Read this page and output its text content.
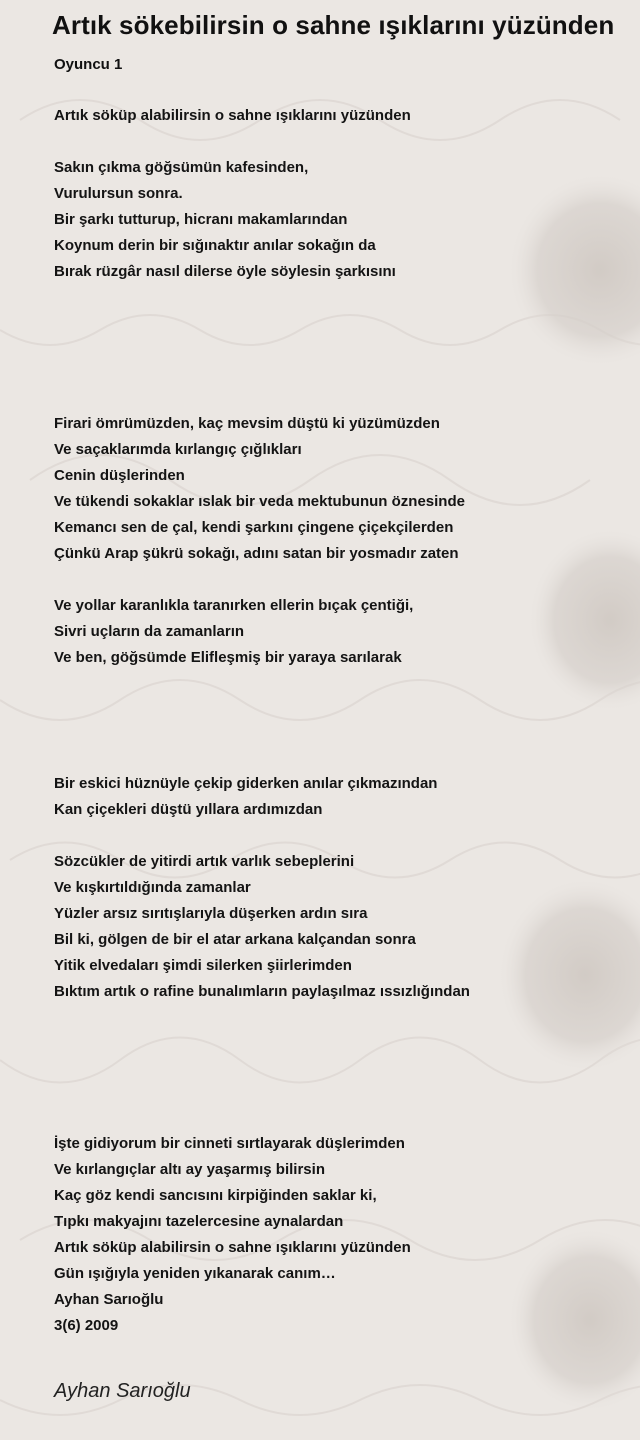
Artık sökebilirsin o sahne ışıklarını yüzünden
Oyuncu 1
Artık söküp alabilirsin o sahne ışıklarını yüzünden
Sakın çıkma göğsümün kafesinden,
Vurulursun sonra.
Bir şarkı tutturup, hicranı makamlarından
Koynum derin bir sığınaktır anılar sokağın da
Bırak rüzgâr nasıl dilerse öyle söylesin şarkısını
Firari ömrümüzden, kaç mevsim düştü ki yüzümüzden
Ve saçaklarımda kırlangıç çığlıkları
Cenin düşlerinden
Ve tükendi sokaklar ıslak bir veda mektubunun öznesinde
Kemancı sen de çal, kendi şarkını çingene çiçekçilerden
Çünkü Arap şükrü sokağı, adını satan bir yosmadır zaten
Ve yollar karanlıkla taranırken ellerin bıçak çentiği,
Sivri uçların da zamanların
Ve ben, göğsümde Elifleşmiş bir yaraya sarılarak
Bir eskici hüznüyle çekip giderken anılar çıkmazından
Kan çiçekleri düştü yıllara ardımızdan
Sözcükler de yitirdi artık varlık sebeplerini
Ve kışkırtıldığında zamanlar
Yüzler arsız sırıtışlarıyla düşerken ardın sıra
Bil ki, gölgen de bir el atar arkana kalçandan sonra
Yitik elvedaları şimdi silerken şiirlerimden
Bıktım artık o rafine bunalımların paylaşılmaz ıssızlığından
İşte gidiyorum bir cinneti sırtlayarak düşlerimden
Ve kırlangıçlar altı ay yaşarmış bilirsin
Kaç göz kendi sancısını kirpiğinden saklar ki,
Tıpkı makyajını tazelercesine aynalardan
Artık söküp alabilirsin o sahne ışıklarını yüzünden
Gün ışığıyla yeniden yıkanarak canım…
Ayhan Sarıoğlu
3(6) 2009
Ayhan Sarıoğlu
